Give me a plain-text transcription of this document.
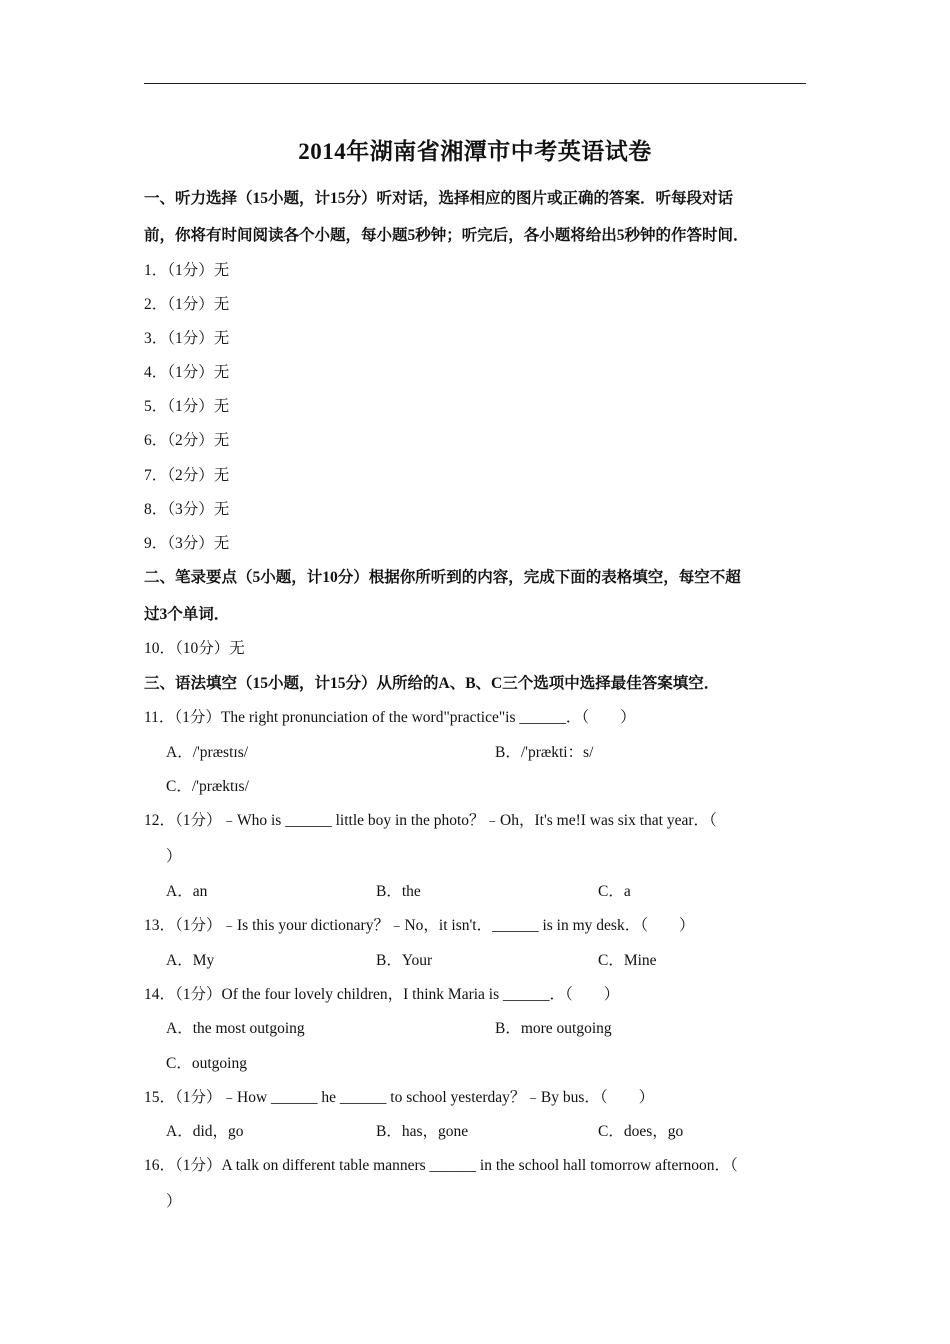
2014年湖南省湘潭市中考英语试卷
一、听力选择（15小题，计15分）听对话，选择相应的图片或正确的答案．听每段对话
前，你将有时间阅读各个小题，每小题5秒钟；听完后，各小题将给出5秒钟的作答时间．
1．（1分）无
2．（1分）无
3．（1分）无
4．（1分）无
5．（1分）无
6．（2分）无
7．（2分）无
8．（3分）无
9．（3分）无
二、笔录要点（5小题，计10分）根据你所听到的内容，完成下面的表格填空，每空不超
过3个单词．
10．（10分）无
三、语法填空（15小题，计15分）从所给的A、B、C三个选项中选择最佳答案填空．
11．（1分）The right pronunciation of the word"practice"is ______．（　　）
A．/'præstɪs/	B．/'prækti：s/
C．/'præktɪs/
12．（1分）﹣Who is ______ little boy in the photo？﹣Oh，It's me!I was six that year．（
）
A．an	B．the	C．a
13．（1分）﹣Is this your dictionary？﹣No，it isn't．______ is in my desk．（　　）
A．My	B．Your	C．Mine
14．（1分）Of the four lovely children，I think Maria is ______．（　　）
A．the most outgoing	B．more outgoing
C．outgoing
15．（1分）﹣How ______ he ______ to school yesterday？﹣By bus．（　　）
A．did，go	B．has，gone	C．does，go
16．（1分）A talk on different table manners ______ in the school hall tomorrow afternoon．（
）
